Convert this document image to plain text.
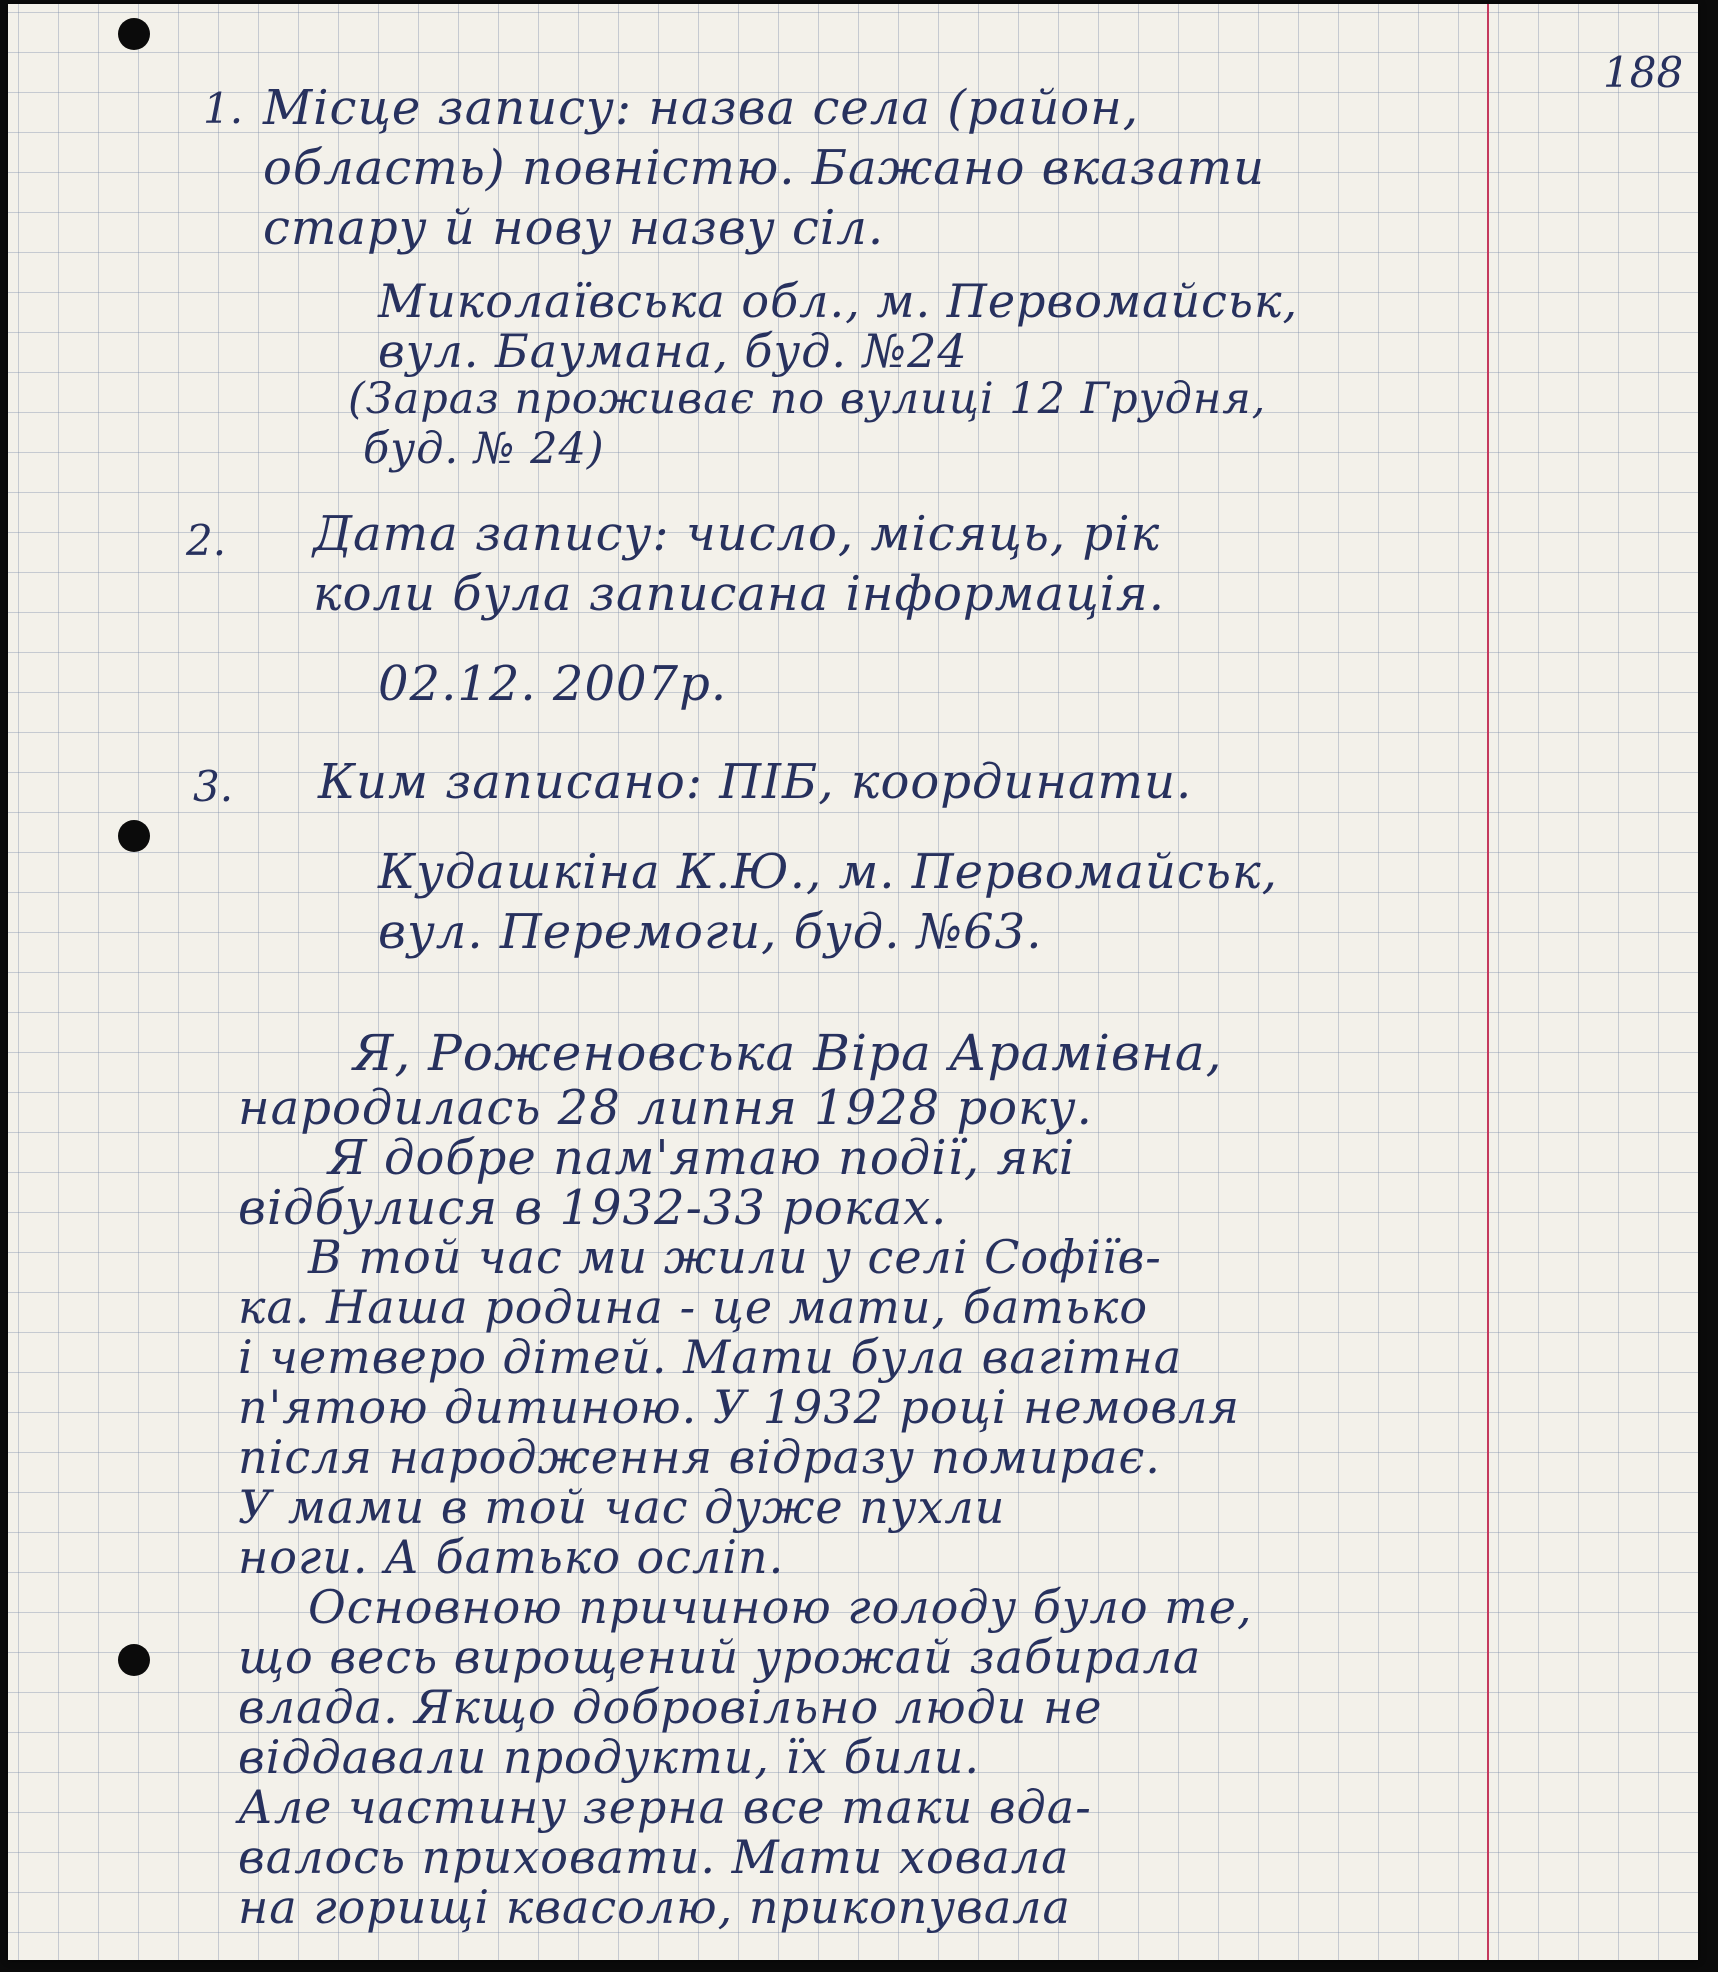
188
1. Місце запису: назва села (район,
область) повністю. Бажано вказати
стару й нову назву сіл.
Миколаївська обл., м. Первомайськ,
вул. Баумана, буд. №24
(Зараз проживає по вулиці 12 Грудня,
буд. № 24)
2. Дата запису: число, місяць, рік
коли була записана інформація.
02.12. 2007р.
3. Ким записано: ПІБ, координати.
Кудашкіна К.Ю., м. Первомайськ,
вул. Перемоги, буд. №63.
Я, Роженовська Віра Арамівна,
народилась 28 липня 1928 року.
Я добре пам'ятаю події, які
відбулися в 1932-33 роках.
В той час ми жили у селі Софіїв-
ка. Наша родина - це мати, батько
і четверо дітей. Мати була вагітна
п'ятою дитиною. У 1932 році немовля
після народження відразу помирає.
У мами в той час дуже пухли
ноги. А батько осліп.
Основною причиною голоду було те,
що весь вирощений урожай забирала
влада. Якщо добровільно люди не
віддавали продукти, їх били.
Але частину зерна все таки вда-
валось приховати. Мати ховала
на горищі квасолю, прикопувала
